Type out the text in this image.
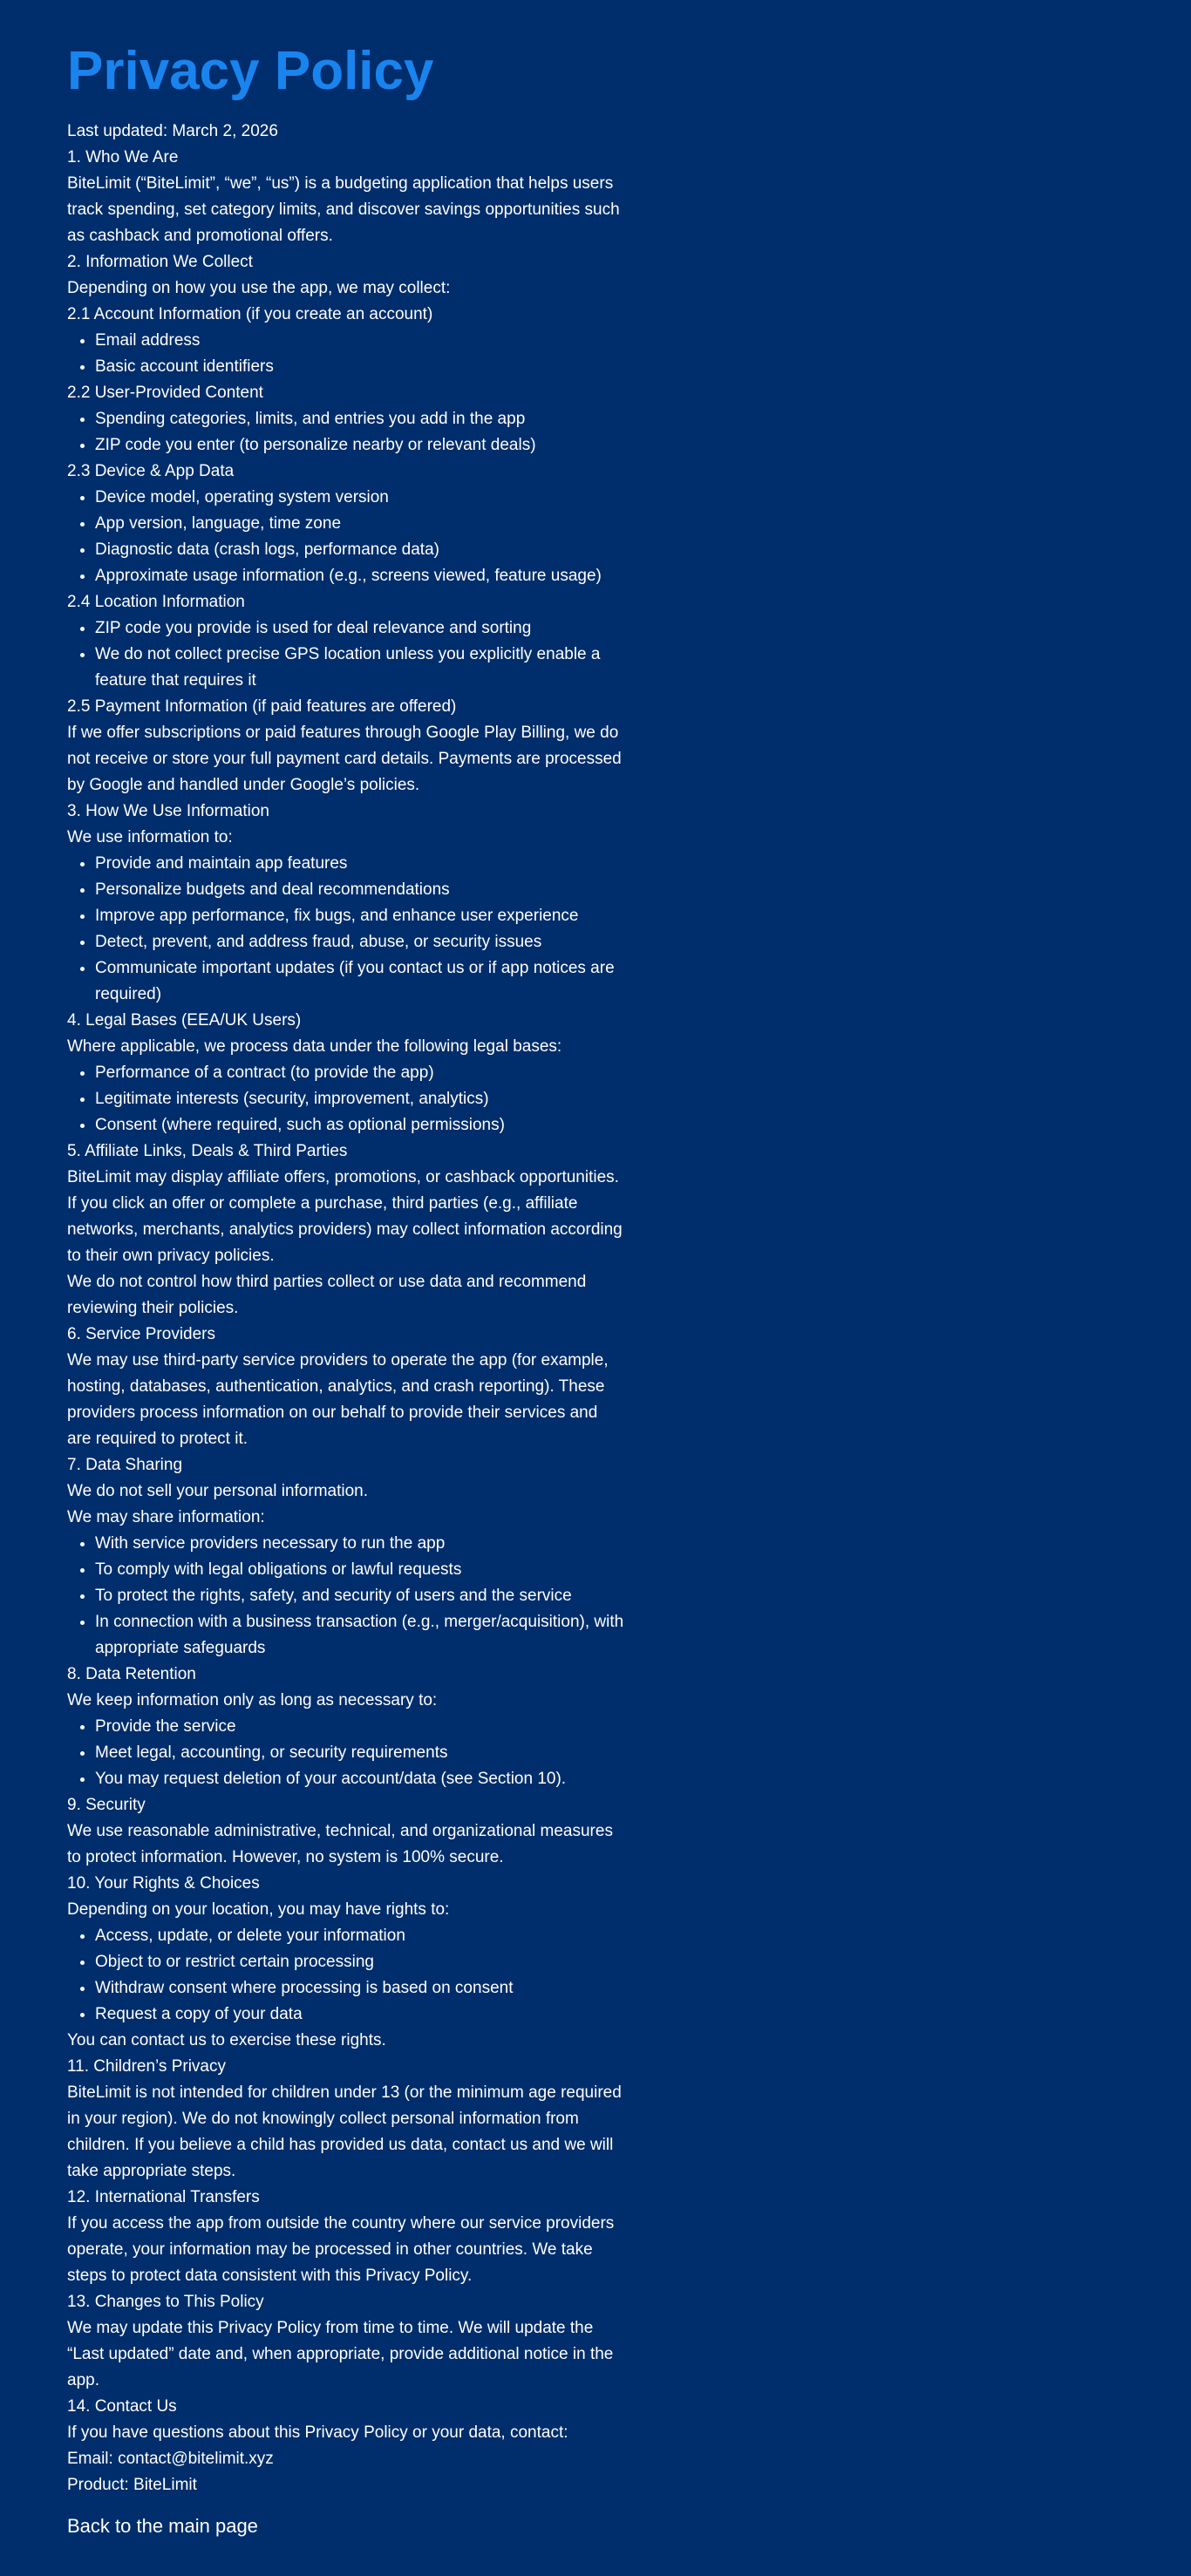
Privacy Policy

Last updated: March 2, 2026

1. Who We Are

BiteLimit (“BiteLimit”, “we”, “us”) is a budgeting application that helps users track spending, set category limits, and discover savings opportunities such as cashback and promotional offers.

2. Information We Collect

Depending on how you use the app, we may collect:

2.1 Account Information (if you create an account)

• Email address
• Basic account identifiers

2.2 User-Provided Content

• Spending categories, limits, and entries you add in the app
• ZIP code you enter (to personalize nearby or relevant deals)

2.3 Device & App Data

• Device model, operating system version
• App version, language, time zone
• Diagnostic data (crash logs, performance data)
• Approximate usage information (e.g., screens viewed, feature usage)

2.4 Location Information

• ZIP code you provide is used for deal relevance and sorting
• We do not collect precise GPS location unless you explicitly enable a feature that requires it

2.5 Payment Information (if paid features are offered)

If we offer subscriptions or paid features through Google Play Billing, we do not receive or store your full payment card details. Payments are processed by Google and handled under Google’s policies.

3. How We Use Information

We use information to:

• Provide and maintain app features
• Personalize budgets and deal recommendations
• Improve app performance, fix bugs, and enhance user experience
• Detect, prevent, and address fraud, abuse, or security issues
• Communicate important updates (if you contact us or if app notices are required)

4. Legal Bases (EEA/UK Users)

Where applicable, we process data under the following legal bases:

• Performance of a contract (to provide the app)
• Legitimate interests (security, improvement, analytics)
• Consent (where required, such as optional permissions)

5. Affiliate Links, Deals & Third Parties

BiteLimit may display affiliate offers, promotions, or cashback opportunities.

If you click an offer or complete a purchase, third parties (e.g., affiliate networks, merchants, analytics providers) may collect information according to their own privacy policies.

We do not control how third parties collect or use data and recommend reviewing their policies.

6. Service Providers

We may use third-party service providers to operate the app (for example, hosting, databases, authentication, analytics, and crash reporting). These providers process information on our behalf to provide their services and are required to protect it.

7. Data Sharing

We do not sell your personal information.

We may share information:

• With service providers necessary to run the app
• To comply with legal obligations or lawful requests
• To protect the rights, safety, and security of users and the service
• In connection with a business transaction (e.g., merger/acquisition), with appropriate safeguards

8. Data Retention

We keep information only as long as necessary to:

• Provide the service
• Meet legal, accounting, or security requirements
• You may request deletion of your account/data (see Section 10).

9. Security

We use reasonable administrative, technical, and organizational measures to protect information. However, no system is 100% secure.

10. Your Rights & Choices

Depending on your location, you may have rights to:

• Access, update, or delete your information
• Object to or restrict certain processing
• Withdraw consent where processing is based on consent
• Request a copy of your data

You can contact us to exercise these rights.

11. Children’s Privacy

BiteLimit is not intended for children under 13 (or the minimum age required in your region). We do not knowingly collect personal information from children. If you believe a child has provided us data, contact us and we will take appropriate steps.

12. International Transfers

If you access the app from outside the country where our service providers operate, your information may be processed in other countries. We take steps to protect data consistent with this Privacy Policy.

13. Changes to This Policy

We may update this Privacy Policy from time to time. We will update the “Last updated” date and, when appropriate, provide additional notice in the app.

14. Contact Us

If you have questions about this Privacy Policy or your data, contact:

Email: contact@bitelimit.xyz

Product: BiteLimit

Back to the main page
